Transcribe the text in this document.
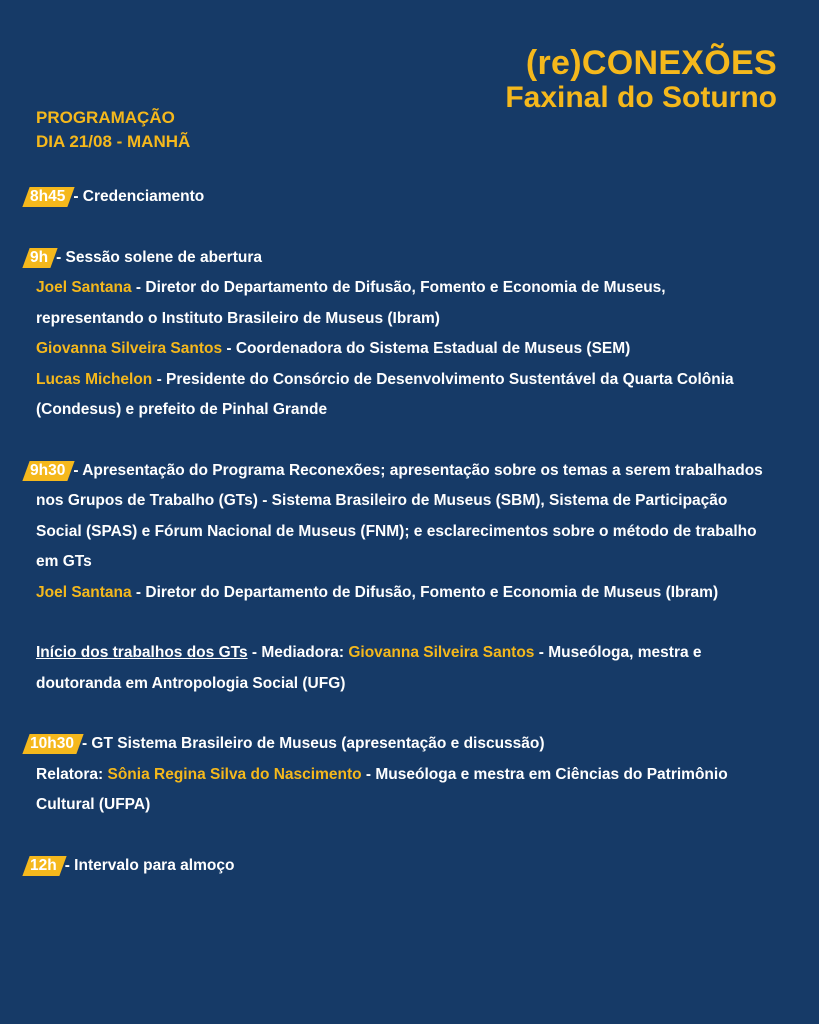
(re)CONEXÕES
Faxinal do Soturno
PROGRAMAÇÃO
DIA 21/08 - MANHÃ
8h45 - Credenciamento
9h - Sessão solene de abertura
Joel Santana - Diretor do Departamento de Difusão, Fomento e Economia de Museus, representando o Instituto Brasileiro de Museus (Ibram)
Giovanna Silveira Santos - Coordenadora do Sistema Estadual de Museus (SEM)
Lucas Michelon - Presidente do Consórcio de Desenvolvimento Sustentável da Quarta Colônia (Condesus) e prefeito de Pinhal Grande
9h30 - Apresentação do Programa Reconexões; apresentação sobre os temas a serem trabalhados nos Grupos de Trabalho (GTs) - Sistema Brasileiro de Museus (SBM), Sistema de Participação Social (SPAS) e Fórum Nacional de Museus (FNM); e esclarecimentos sobre o método de trabalho em GTs
Joel Santana - Diretor do Departamento de Difusão, Fomento e Economia de Museus (Ibram)
Início dos trabalhos dos GTs - Mediadora: Giovanna Silveira Santos - Museóloga, mestra e doutoranda em Antropologia Social (UFG)
10h30 - GT Sistema Brasileiro de Museus (apresentação e discussão)
Relatora: Sônia Regina Silva do Nascimento - Museóloga e mestra em Ciências do Patrimônio Cultural (UFPA)
12h - Intervalo para almoço
